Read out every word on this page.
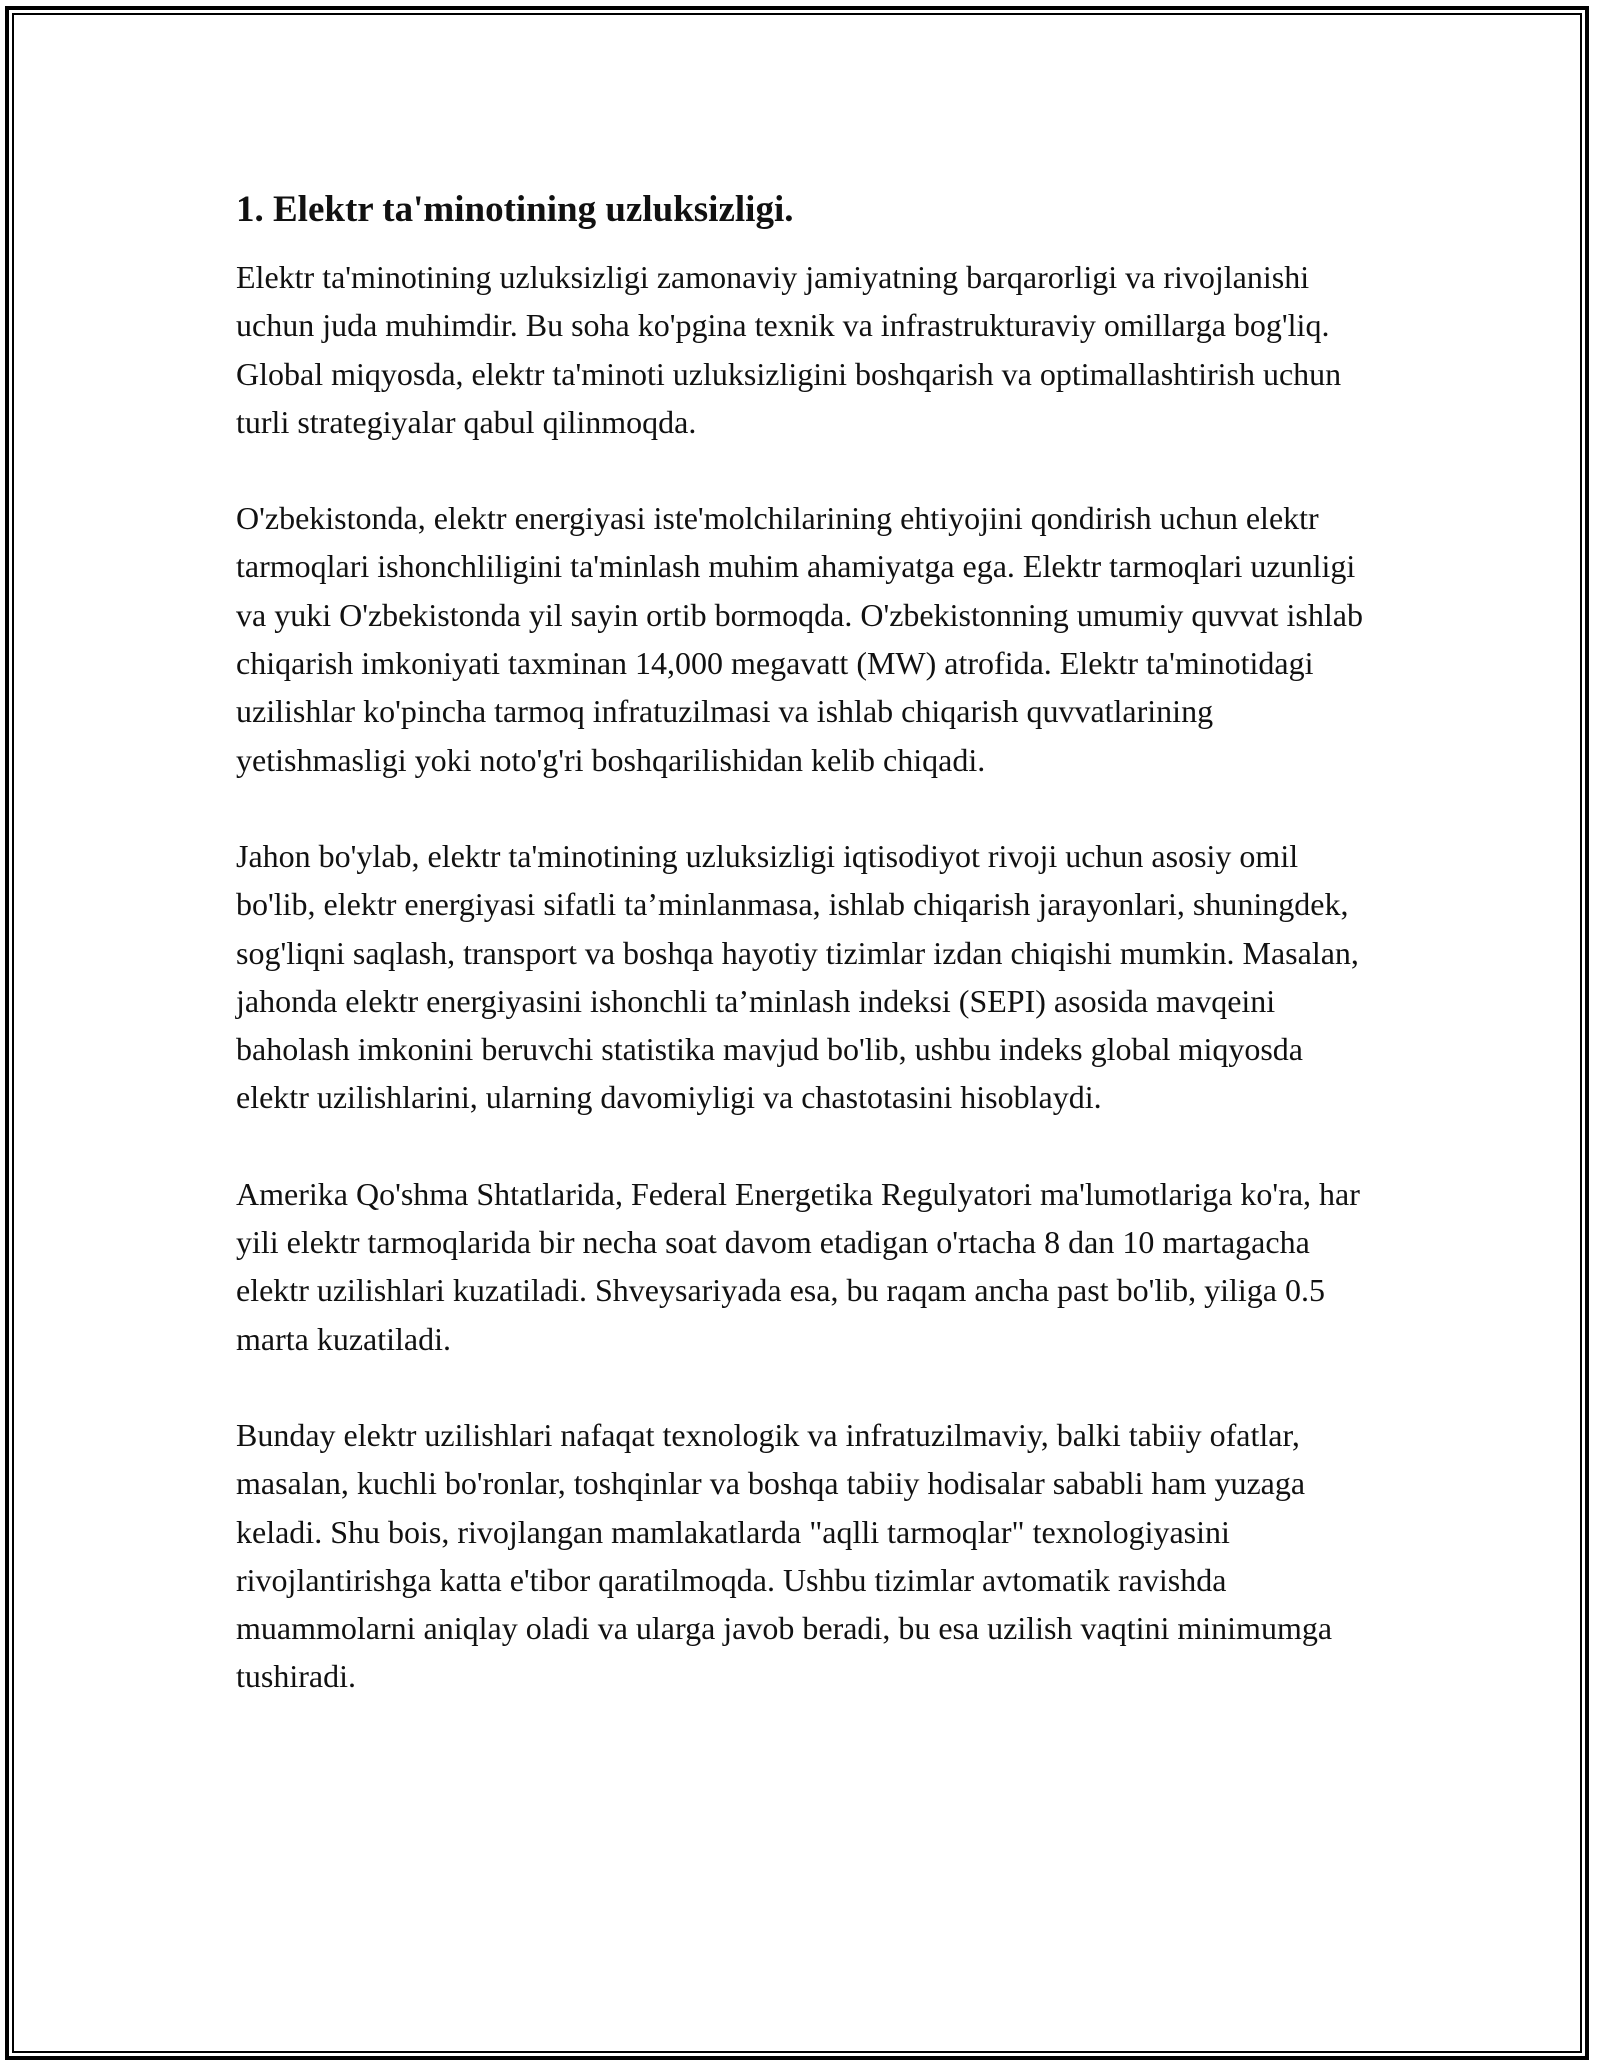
1. Elektr ta'minotining uzluksizligi.

Elektr ta'minotining uzluksizligi zamonaviy jamiyatning barqarorligi va rivojlanishi uchun juda muhimdir. Bu soha ko'pgina texnik va infrastrukturaviy omillarga bog'liq. Global miqyosda, elektr ta'minoti uzluksizligini boshqarish va optimallashtirish uchun turli strategiyalar qabul qilinmoqda.

O'zbekistonda, elektr energiyasi iste'molchilarining ehtiyojini qondirish uchun elektr tarmoqlari ishonchliligini ta'minlash muhim ahamiyatga ega. Elektr tarmoqlari uzunligi va yuki O'zbekistonda yil sayin ortib bormoqda. O'zbekistonning umumiy quvvat ishlab chiqarish imkoniyati taxminan 14,000 megavatt (MW) atrofida. Elektr ta'minotidagi uzilishlar ko'pincha tarmoq infratuzilmasi va ishlab chiqarish quvvatlarining yetishmasligi yoki noto'g'ri boshqarilishidan kelib chiqadi.

Jahon bo'ylab, elektr ta'minotining uzluksizligi iqtisodiyot rivoji uchun asosiy omil bo'lib, elektr energiyasi sifatli ta’minlanmasa, ishlab chiqarish jarayonlari, shuningdek, sog'liqni saqlash, transport va boshqa hayotiy tizimlar izdan chiqishi mumkin. Masalan, jahonda elektr energiyasini ishonchli ta’minlash indeksi (SEPI) asosida mavqeini baholash imkonini beruvchi statistika mavjud bo'lib, ushbu indeks global miqyosda elektr uzilishlarini, ularning davomiyligi va chastotasini hisoblaydi.

Amerika Qo'shma Shtatlarida, Federal Energetika Regulyatori ma'lumotlariga ko'ra, har yili elektr tarmoqlarida bir necha soat davom etadigan o'rtacha 8 dan 10 martagacha elektr uzilishlari kuzatiladi. Shveysariyada esa, bu raqam ancha past bo'lib, yiliga 0.5 marta kuzatiladi.

Bunday elektr uzilishlari nafaqat texnologik va infratuzilmaviy, balki tabiiy ofatlar, masalan, kuchli bo'ronlar, toshqinlar va boshqa tabiiy hodisalar sababli ham yuzaga keladi. Shu bois, rivojlangan mamlakatlarda "aqlli tarmoqlar" texnologiyasini rivojlantirishga katta e'tibor qaratilmoqda. Ushbu tizimlar avtomatik ravishda muammolarni aniqlay oladi va ularga javob beradi, bu esa uzilish vaqtini minimumga tushiradi.
